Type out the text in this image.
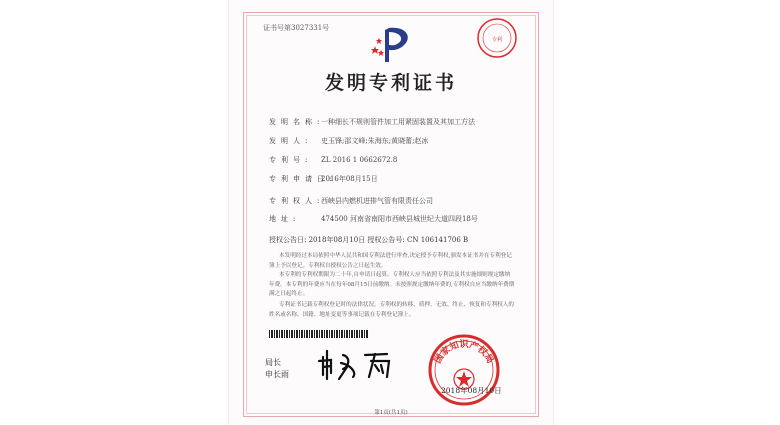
证书号第3027331号
专利
发明专利证书
发明名称:一种细长不规则管件加工用紧固装置及其加工方法
发明人: 史玉锋;邵文峰;朱海东;黄晓蕾;赵冰
专利号: ZL 2016 1 0662672.8
专利申请日:2016年08月15日
专利权人:西峡县内燃机进排气管有限责任公司
地址:	474500 河南省南阳市西峡县城世纪大道四段18号
授权公告日: 2018年08月10日 授权公告号: CN 106141706 B
本发明经过本局依照中华人民共和国专利法进行审查,决定授予专利权,颁发本证书并在专利登记簿上予以登记。专利权自授权公告之日起生效。
本专利的专利权期限为二十年,自申请日起算。专利权人应当依照专利法及其实施细则规定缴纳年费。本专利的年费应当在每年08月15日前缴纳。未按照规定缴纳年费的,专利权自应当缴纳年费期满之日起终止。
专利证书记载专利权登记时的法律状况。专利权的转移、质押、无效、终止、恢复和专利权人的姓名或名称、国籍、地址变更等事项记载在专利登记簿上。
局长
申长雨
国家知识产权局
2018年08月10日
第1页(共1页)
